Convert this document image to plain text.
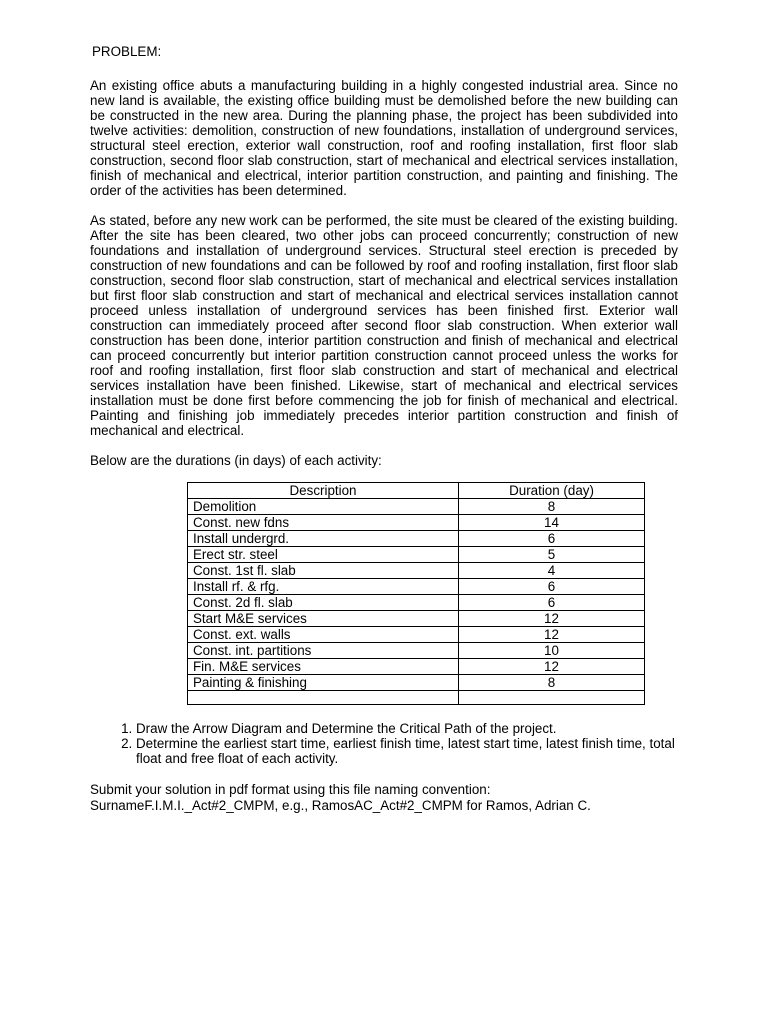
PROBLEM:

An existing office abuts a manufacturing building in a highly congested industrial area. Since no new land is available, the existing office building must be demolished before the new building can be constructed in the new area. During the planning phase, the project has been subdivided into twelve activities: demolition, construction of new foundations, installation of underground services, structural steel erection, exterior wall construction, roof and roofing installation, first floor slab construction, second floor slab construction, start of mechanical and electrical services installation, finish of mechanical and electrical, interior partition construction, and painting and finishing. The order of the activities has been determined.

As stated, before any new work can be performed, the site must be cleared of the existing building. After the site has been cleared, two other jobs can proceed concurrently; construction of new foundations and installation of underground services. Structural steel erection is preceded by construction of new foundations and can be followed by roof and roofing installation, first floor slab construction, second floor slab construction, start of mechanical and electrical services installation but first floor slab construction and start of mechanical and electrical services installation cannot proceed unless installation of underground services has been finished first. Exterior wall construction can immediately proceed after second floor slab construction. When exterior wall construction has been done, interior partition construction and finish of mechanical and electrical can proceed concurrently but interior partition construction cannot proceed unless the works for roof and roofing installation, first floor slab construction and start of mechanical and electrical services installation have been finished. Likewise, start of mechanical and electrical services installation must be done first before commencing the job for finish of mechanical and electrical. Painting and finishing job immediately precedes interior partition construction and finish of mechanical and electrical.

Below are the durations (in days) of each activity:

Description	Duration (day)
Demolition	8
Const. new fdns	14
Install undergrd.	6
Erect str. steel	5
Const. 1st fl. slab	4
Install rf. & rfg.	6
Const. 2d fl. slab	6
Start M&E services	12
Const. ext. walls	12
Const. int. partitions	10
Fin. M&E services	12
Painting & finishing	8

1. Draw the Arrow Diagram and Determine the Critical Path of the project.
2. Determine the earliest start time, earliest finish time, latest start time, latest finish time, total float and free float of each activity.

Submit your solution in pdf format using this file naming convention:
SurnameF.I.M.I._Act#2_CMPM, e.g., RamosAC_Act#2_CMPM for Ramos, Adrian C.
